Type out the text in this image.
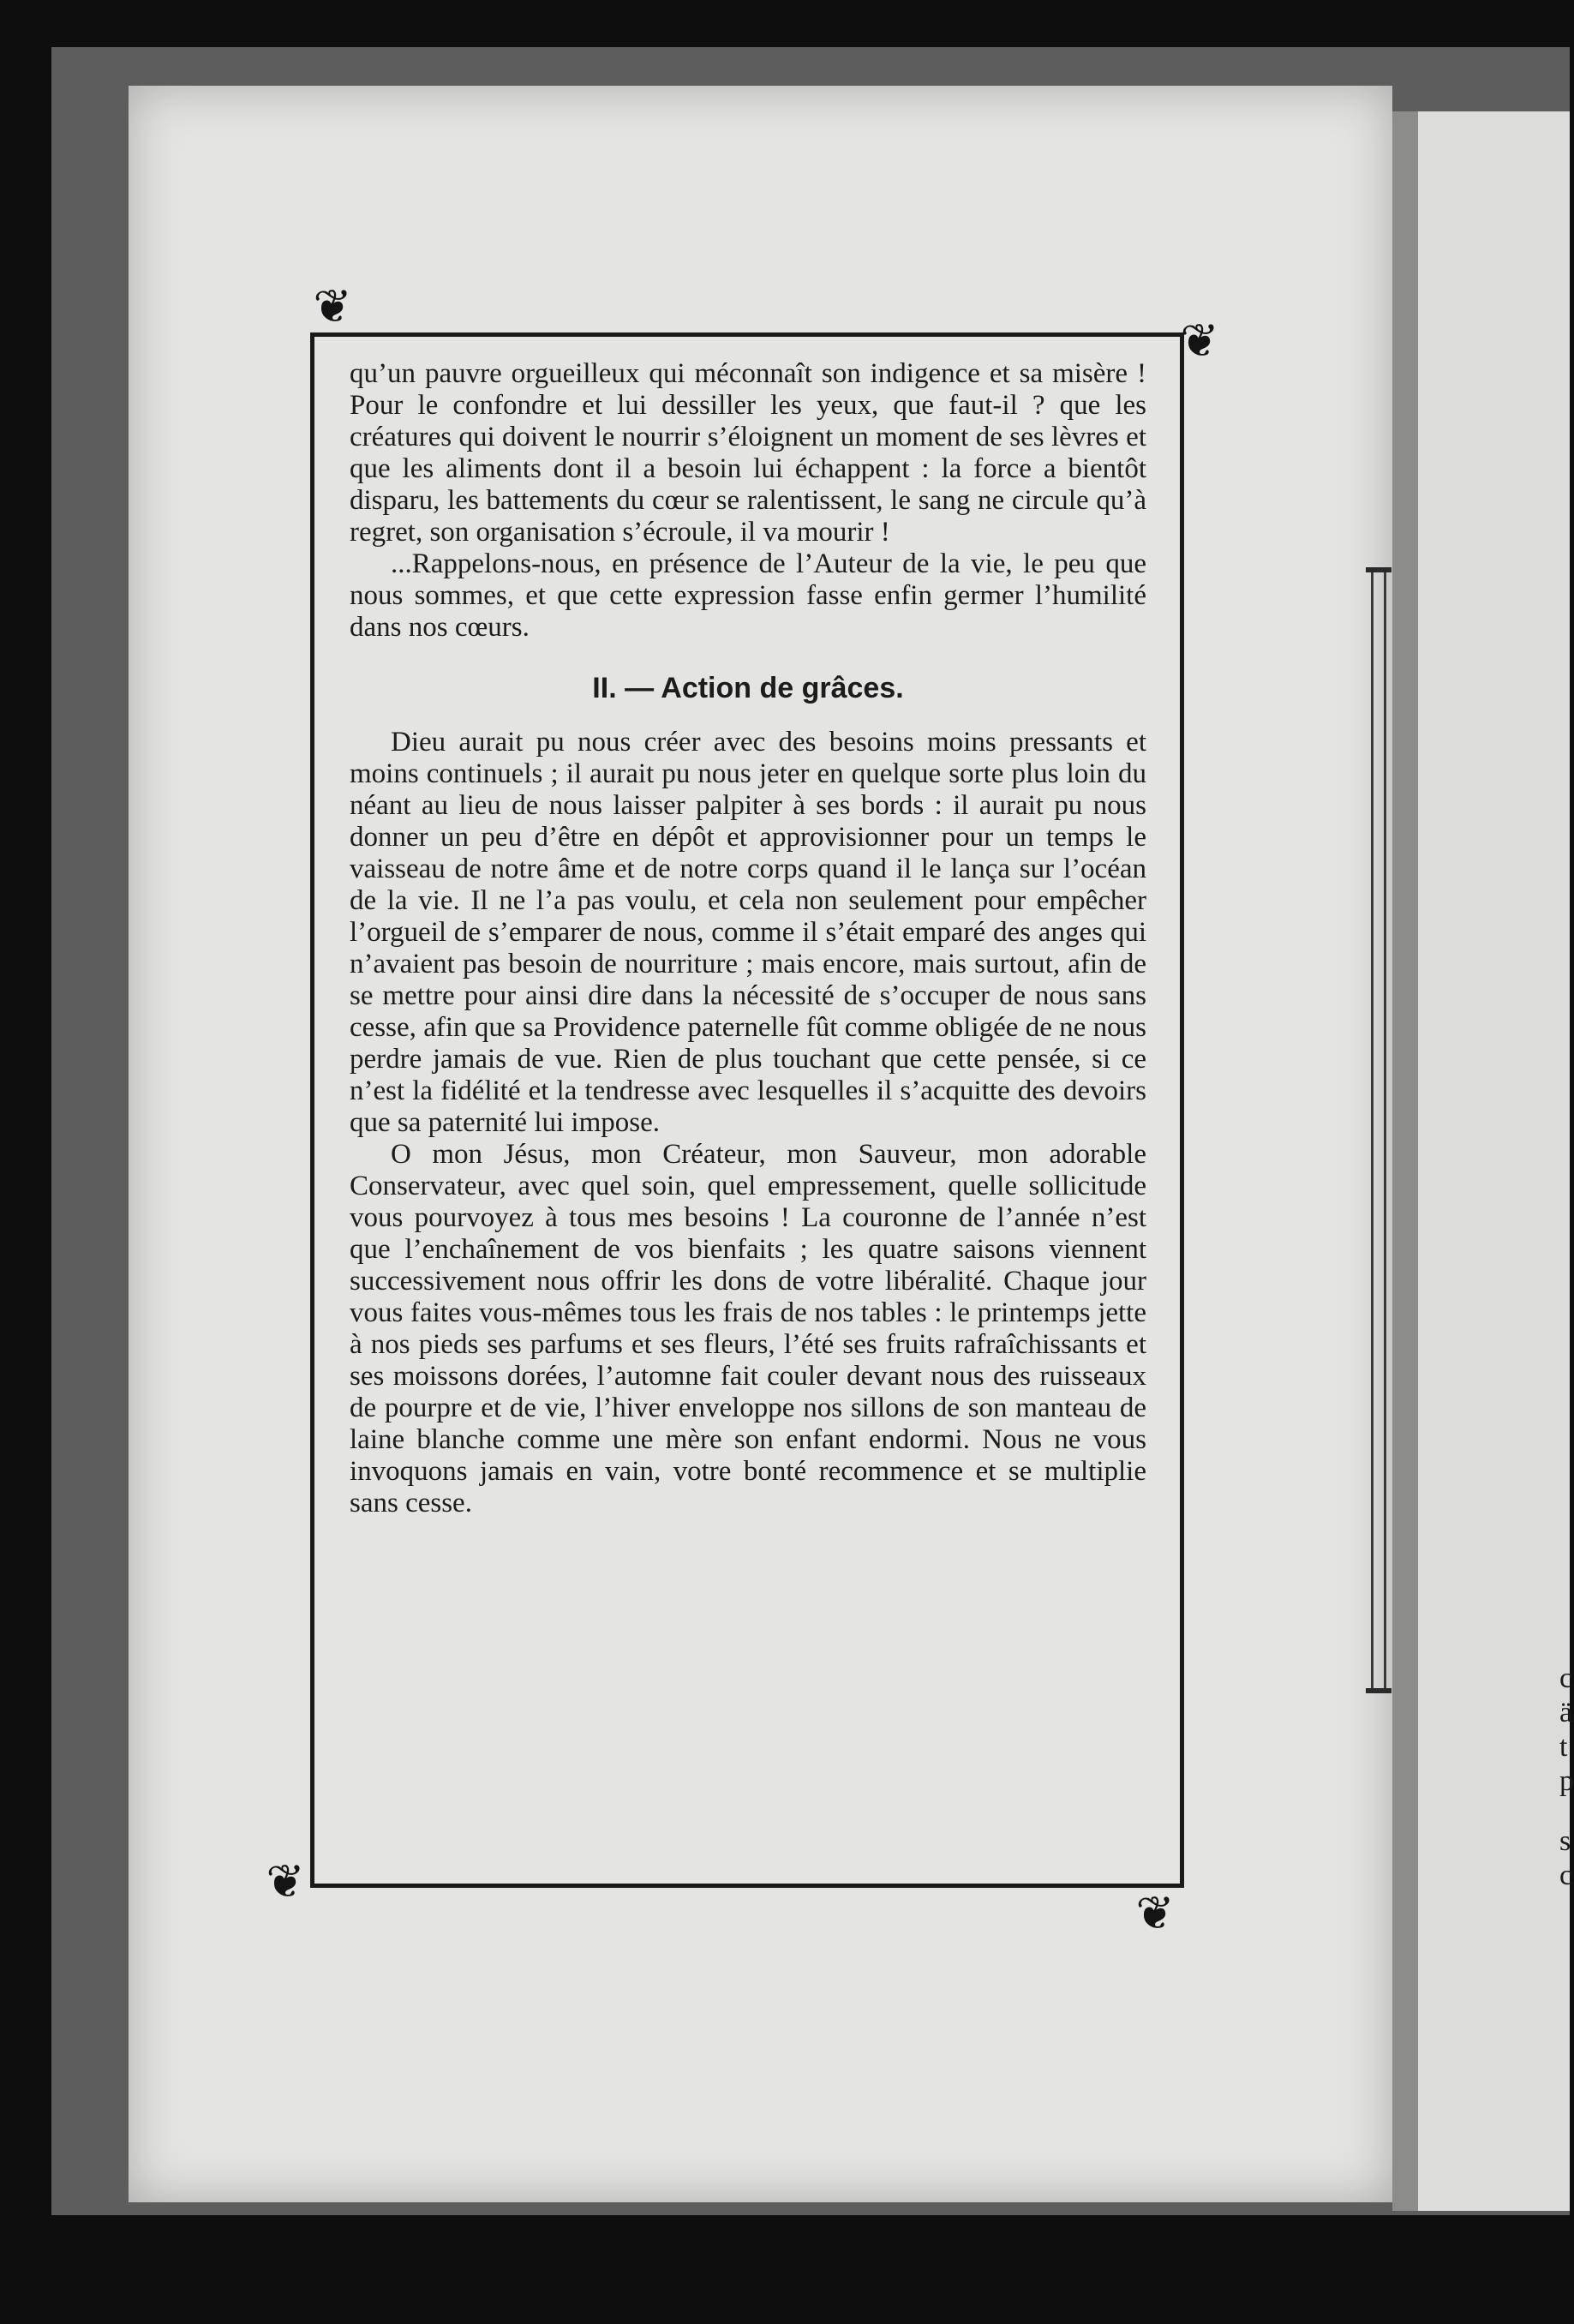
❦
❦
❦
❦

qu’un pauvre orgueilleux qui méconnaît son indigence et sa misère ! Pour le confondre et lui dessiller les yeux, que faut-il ? que les créatures qui doivent le nourrir s’éloignent un moment de ses lèvres et que les aliments dont il a besoin lui échappent : la force a bientôt disparu, les battements du cœur se ralentissent, le sang ne circule qu’à regret, son organisation s’écroule, il va mourir !

...Rappelons-nous, en présence de l’Auteur de la vie, le peu que nous sommes, et que cette expression fasse enfin germer l’humilité dans nos cœurs.

II. — Action de grâces.

Dieu aurait pu nous créer avec des besoins moins pressants et moins continuels ; il aurait pu nous jeter en quelque sorte plus loin du néant au lieu de nous laisser palpiter à ses bords : il aurait pu nous donner un peu d’être en dépôt et approvisionner pour un temps le vaisseau de notre âme et de notre corps quand il le lança sur l’océan de la vie. Il ne l’a pas voulu, et cela non seulement pour empêcher l’orgueil de s’emparer de nous, comme il s’était emparé des anges qui n’avaient pas besoin de nourriture ; mais encore, mais surtout, afin de se mettre pour ainsi dire dans la nécessité de s’occuper de nous sans cesse, afin que sa Providence paternelle fût comme obligée de ne nous perdre jamais de vue. Rien de plus touchant que cette pensée, si ce n’est la fidélité et la tendresse avec lesquelles il s’acquitte des devoirs que sa paternité lui impose.

O mon Jésus, mon Créateur, mon Sauveur, mon adorable Conservateur, avec quel soin, quel empressement, quelle sollicitude vous pourvoyez à tous mes besoins ! La couronne de l’année n’est que l’enchaînement de vos bienfaits ; les quatre saisons viennent successivement nous offrir les dons de votre libéralité. Chaque jour vous faites vous-mêmes tous les frais de nos tables : le printemps jette à nos pieds ses parfums et ses fleurs, l’été ses fruits rafraîchissants et ses moissons dorées, l’automne fait couler devant nous des ruisseaux de pourpre et de vie, l’hiver enveloppe nos sillons de son manteau de laine blanche comme une mère son enfant endormi. Nous ne vous invoquons jamais en vain, votre bonté recommence et se multiplie sans cesse.

c
ä
t
p
s
c
